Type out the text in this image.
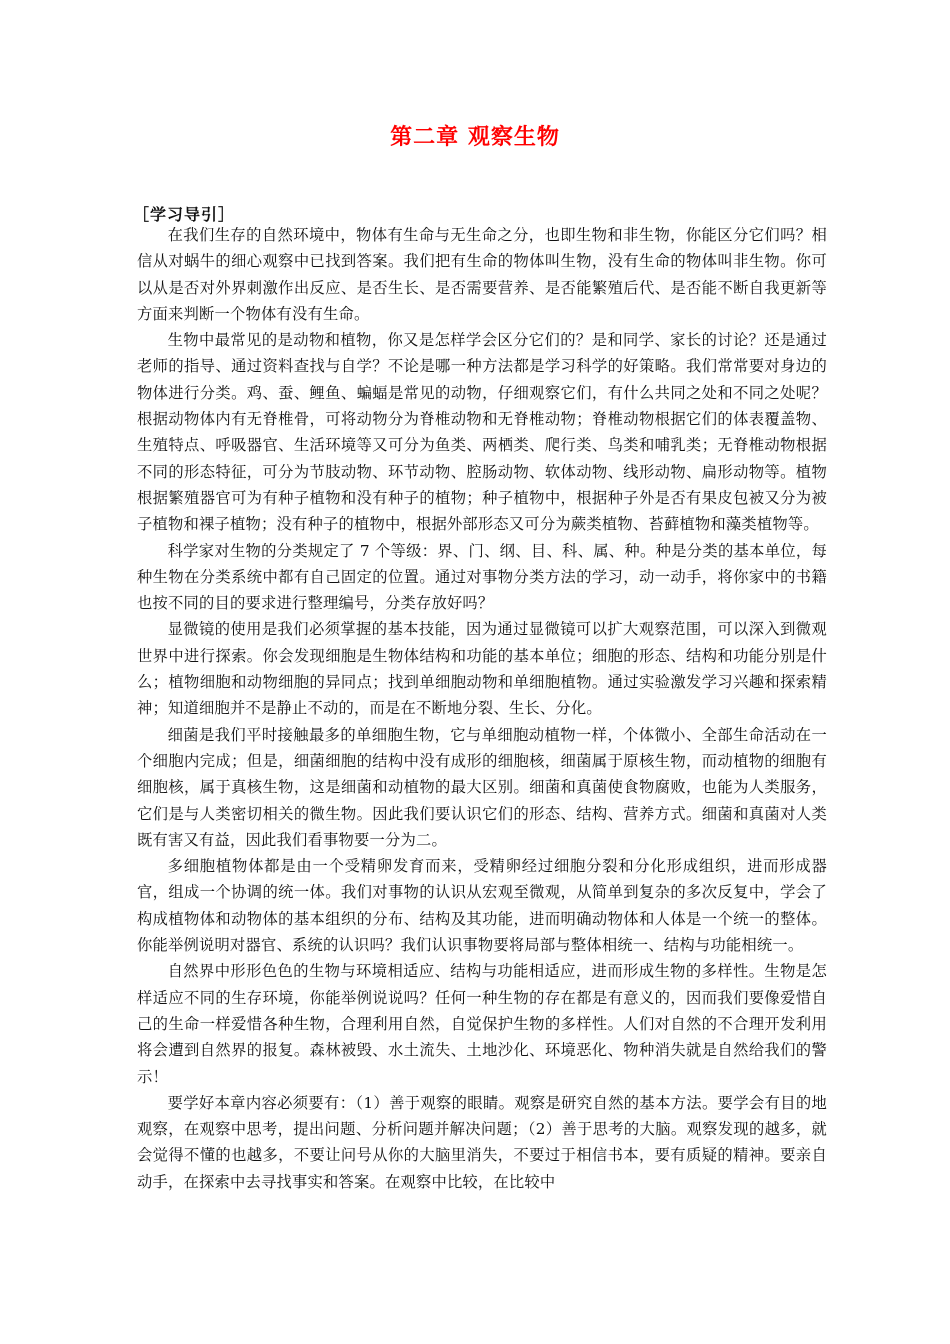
第二章 观察生物
［学习导引］

在我们生存的自然环境中，物体有生命与无生命之分，也即生物和非生物，你能区分它们吗？相信从对蜗牛的细心观察中已找到答案。我们把有生命的物体叫生物，没有生命的物体叫非生物。你可以从是否对外界刺激作出反应、是否生长、是否需要营养、是否能繁殖后代、是否能不断自我更新等方面来判断一个物体有没有生命。

生物中最常见的是动物和植物，你又是怎样学会区分它们的？是和同学、家长的讨论？还是通过老师的指导、通过资料查找与自学？不论是哪一种方法都是学习科学的好策略。我们常常要对身边的物体进行分类。鸡、蚕、鲤鱼、蝙蝠是常见的动物，仔细观察它们，有什么共同之处和不同之处呢？根据动物体内有无脊椎骨，可将动物分为脊椎动物和无脊椎动物；脊椎动物根据它们的体表覆盖物、生殖特点、呼吸器官、生活环境等又可分为鱼类、两栖类、爬行类、鸟类和哺乳类；无脊椎动物根据不同的形态特征，可分为节肢动物、环节动物、腔肠动物、软体动物、线形动物、扁形动物等。植物根据繁殖器官可为有种子植物和没有种子的植物；种子植物中，根据种子外是否有果皮包被又分为被子植物和裸子植物；没有种子的植物中，根据外部形态又可分为蕨类植物、苔藓植物和藻类植物等。

科学家对生物的分类规定了 7 个等级：界、门、纲、目、科、属、种。种是分类的基本单位，每种生物在分类系统中都有自己固定的位置。通过对事物分类方法的学习，动一动手，将你家中的书籍也按不同的目的要求进行整理编号，分类存放好吗？

显微镜的使用是我们必须掌握的基本技能，因为通过显微镜可以扩大观察范围，可以深入到微观世界中进行探索。你会发现细胞是生物体结构和功能的基本单位；细胞的形态、结构和功能分别是什么；植物细胞和动物细胞的异同点；找到单细胞动物和单细胞植物。通过实验激发学习兴趣和探索精神；知道细胞并不是静止不动的，而是在不断地分裂、生长、分化。

细菌是我们平时接触最多的单细胞生物，它与单细胞动植物一样，个体微小、全部生命活动在一个细胞内完成；但是，细菌细胞的结构中没有成形的细胞核，细菌属于原核生物，而动植物的细胞有细胞核，属于真核生物，这是细菌和动植物的最大区别。细菌和真菌使食物腐败，也能为人类服务，它们是与人类密切相关的微生物。因此我们要认识它们的形态、结构、营养方式。细菌和真菌对人类既有害又有益，因此我们看事物要一分为二。

多细胞植物体都是由一个受精卵发育而来，受精卵经过细胞分裂和分化形成组织，进而形成器官，组成一个协调的统一体。我们对事物的认识从宏观至微观，从简单到复杂的多次反复中，学会了构成植物体和动物体的基本组织的分布、结构及其功能，进而明确动物体和人体是一个统一的整体。你能举例说明对器官、系统的认识吗？我们认识事物要将局部与整体相统一、结构与功能相统一。

自然界中形形色色的生物与环境相适应、结构与功能相适应，进而形成生物的多样性。生物是怎样适应不同的生存环境，你能举例说说吗？任何一种生物的存在都是有意义的，因而我们要像爱惜自己的生命一样爱惜各种生物，合理利用自然，自觉保护生物的多样性。人们对自然的不合理开发利用将会遭到自然界的报复。森林被毁、水土流失、土地沙化、环境恶化、物种消失就是自然给我们的警示！

要学好本章内容必须要有：（1）善于观察的眼睛。观察是研究自然的基本方法。要学会有目的地观察，在观察中思考，提出问题、分析问题并解决问题；（2）善于思考的大脑。观察发现的越多，就会觉得不懂的也越多，不要让问号从你的大脑里消失，不要过于相信书本，要有质疑的精神。要亲自动手，在探索中去寻找事实和答案。在观察中比较，在比较中
